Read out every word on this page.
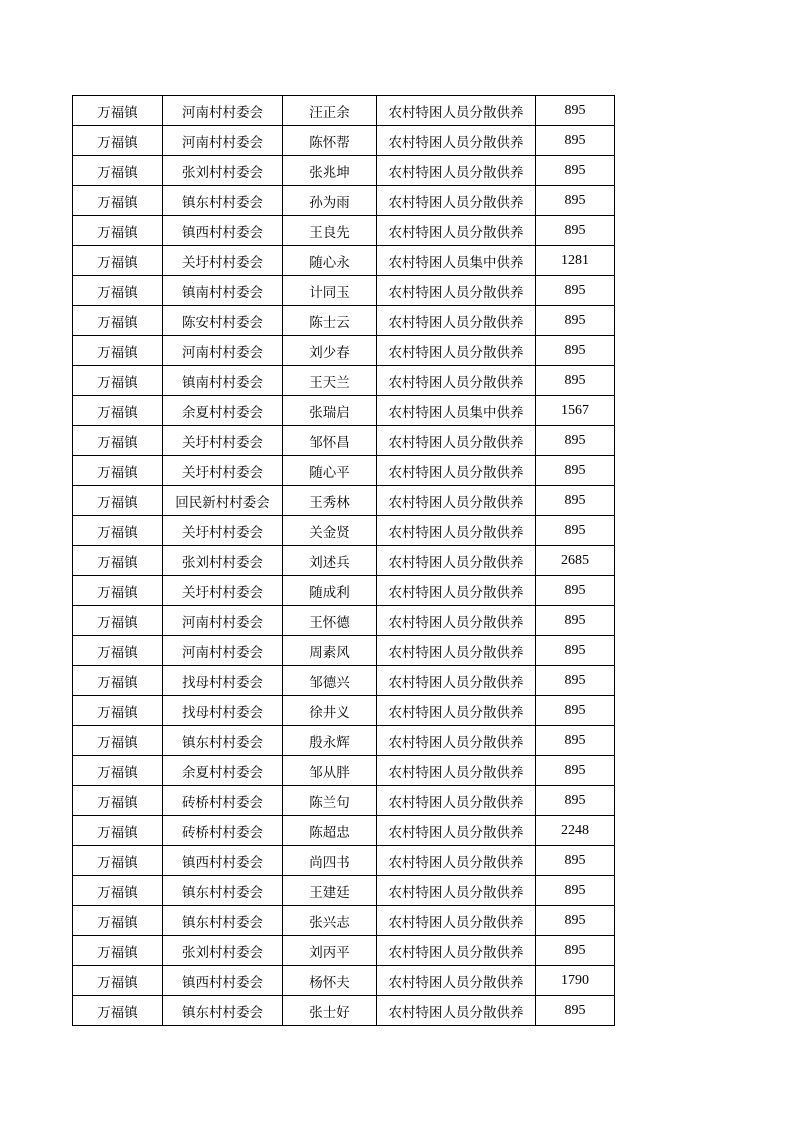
万福镇	河南村村委会	汪正余	农村特困人员分散供养	895
万福镇	河南村村委会	陈怀帮	农村特困人员分散供养	895
万福镇	张刘村村委会	张兆坤	农村特困人员分散供养	895
万福镇	镇东村村委会	孙为雨	农村特困人员分散供养	895
万福镇	镇西村村委会	王良先	农村特困人员分散供养	895
万福镇	关圩村村委会	随心永	农村特困人员集中供养	1281
万福镇	镇南村村委会	计同玉	农村特困人员分散供养	895
万福镇	陈安村村委会	陈士云	农村特困人员分散供养	895
万福镇	河南村村委会	刘少春	农村特困人员分散供养	895
万福镇	镇南村村委会	王天兰	农村特困人员分散供养	895
万福镇	余夏村村委会	张瑞启	农村特困人员集中供养	1567
万福镇	关圩村村委会	邹怀昌	农村特困人员分散供养	895
万福镇	关圩村村委会	随心平	农村特困人员分散供养	895
万福镇	回民新村村委会	王秀林	农村特困人员分散供养	895
万福镇	关圩村村委会	关金贤	农村特困人员分散供养	895
万福镇	张刘村村委会	刘述兵	农村特困人员分散供养	2685
万福镇	关圩村村委会	随成利	农村特困人员分散供养	895
万福镇	河南村村委会	王怀德	农村特困人员分散供养	895
万福镇	河南村村委会	周素风	农村特困人员分散供养	895
万福镇	找母村村委会	邹德兴	农村特困人员分散供养	895
万福镇	找母村村委会	徐井义	农村特困人员分散供养	895
万福镇	镇东村村委会	殷永辉	农村特困人员分散供养	895
万福镇	余夏村村委会	邹从胖	农村特困人员分散供养	895
万福镇	砖桥村村委会	陈兰句	农村特困人员分散供养	895
万福镇	砖桥村村委会	陈超忠	农村特困人员分散供养	2248
万福镇	镇西村村委会	尚四书	农村特困人员分散供养	895
万福镇	镇东村村委会	王建廷	农村特困人员分散供养	895
万福镇	镇东村村委会	张兴志	农村特困人员分散供养	895
万福镇	张刘村村委会	刘丙平	农村特困人员分散供养	895
万福镇	镇西村村委会	杨怀夫	农村特困人员分散供养	1790
万福镇	镇东村村委会	张士好	农村特困人员分散供养	895
